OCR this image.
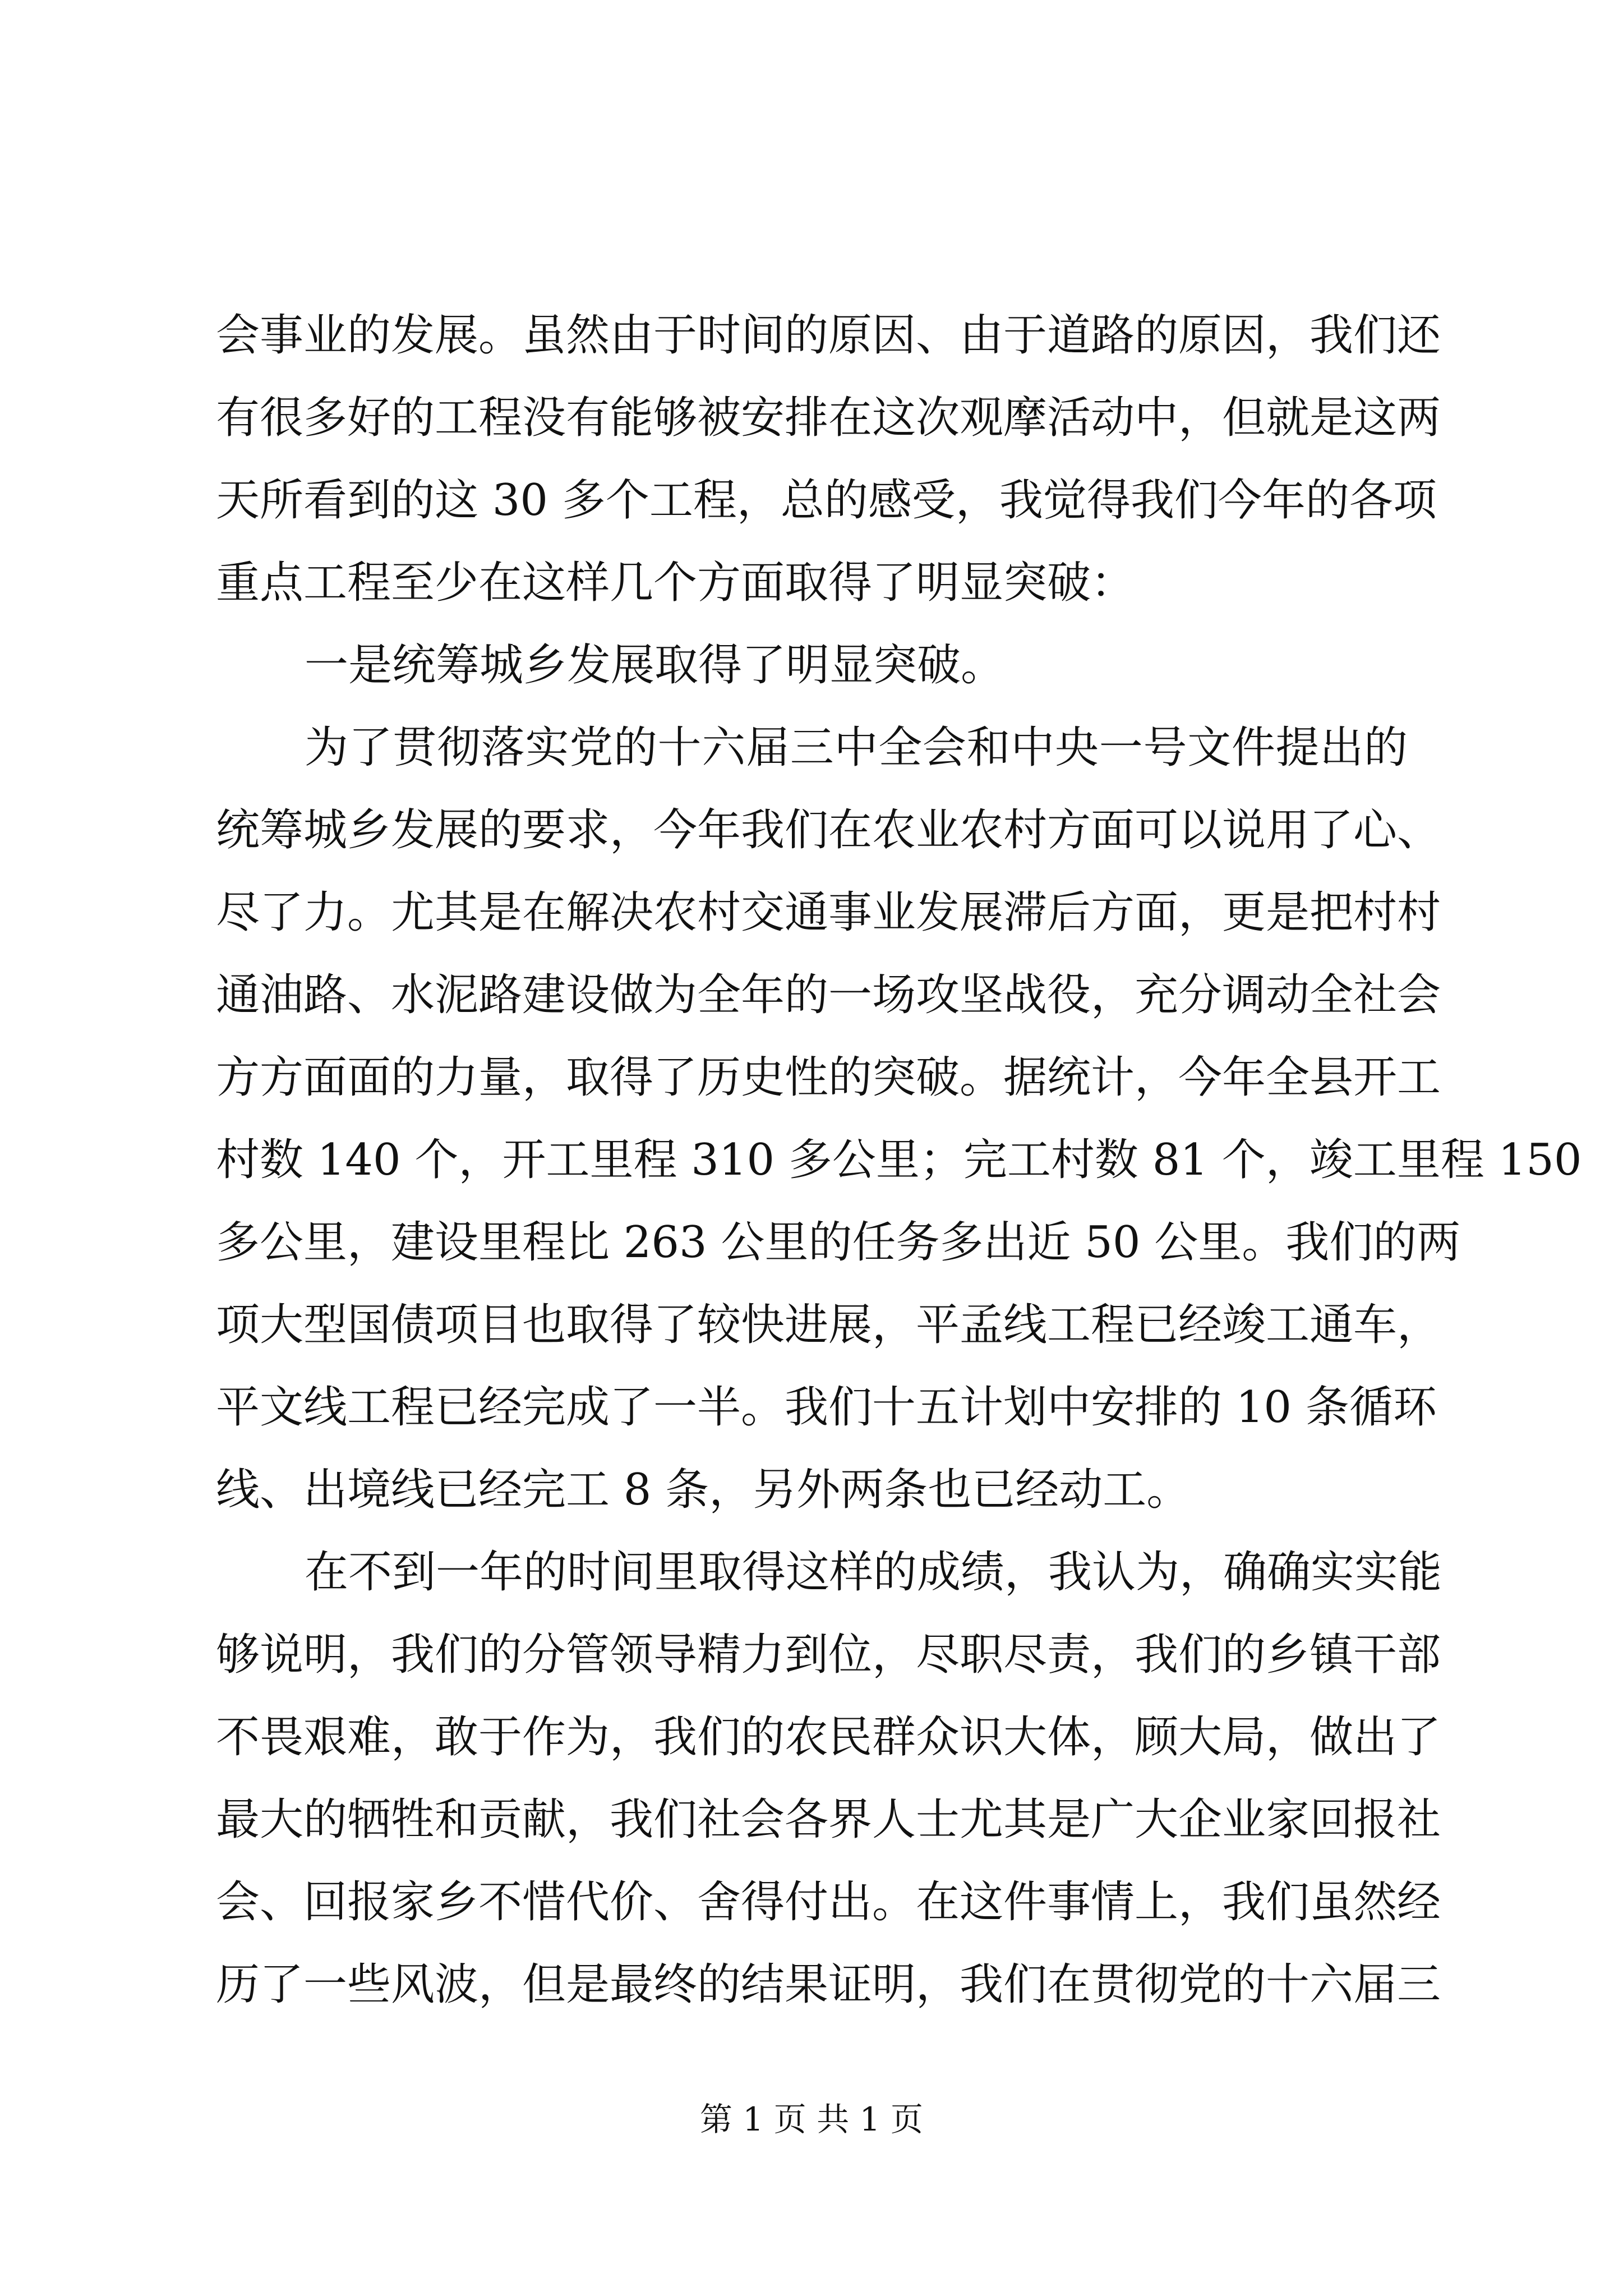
会事业的发展。虽然由于时间的原因、由于道路的原因，我们还
有很多好的工程没有能够被安排在这次观摩活动中，但就是这两
天所看到的这 30 多个工程，总的感受，我觉得我们今年的各项
重点工程至少在这样几个方面取得了明显突破：
一是统筹城乡发展取得了明显突破。
为了贯彻落实党的十六届三中全会和中央一号文件提出的
统筹城乡发展的要求，今年我们在农业农村方面可以说用了心、
尽了力。尤其是在解决农村交通事业发展滞后方面，更是把村村
通油路、水泥路建设做为全年的一场攻坚战役，充分调动全社会
方方面面的力量，取得了历史性的突破。据统计，今年全县开工
村数 140 个，开工里程 310 多公里；完工村数 81 个，竣工里程 150
多公里，建设里程比 263 公里的任务多出近 50 公里。我们的两
项大型国债项目也取得了较快进展，平孟线工程已经竣工通车，
平文线工程已经完成了一半。我们十五计划中安排的 10 条循环
线、出境线已经完工 8 条，另外两条也已经动工。
在不到一年的时间里取得这样的成绩，我认为，确确实实能
够说明，我们的分管领导精力到位，尽职尽责，我们的乡镇干部
不畏艰难，敢于作为，我们的农民群众识大体，顾大局，做出了
最大的牺牲和贡献，我们社会各界人士尤其是广大企业家回报社
会、回报家乡不惜代价、舍得付出。在这件事情上，我们虽然经
历了一些风波，但是最终的结果证明，我们在贯彻党的十六届三
第 1 页 共 1 页
